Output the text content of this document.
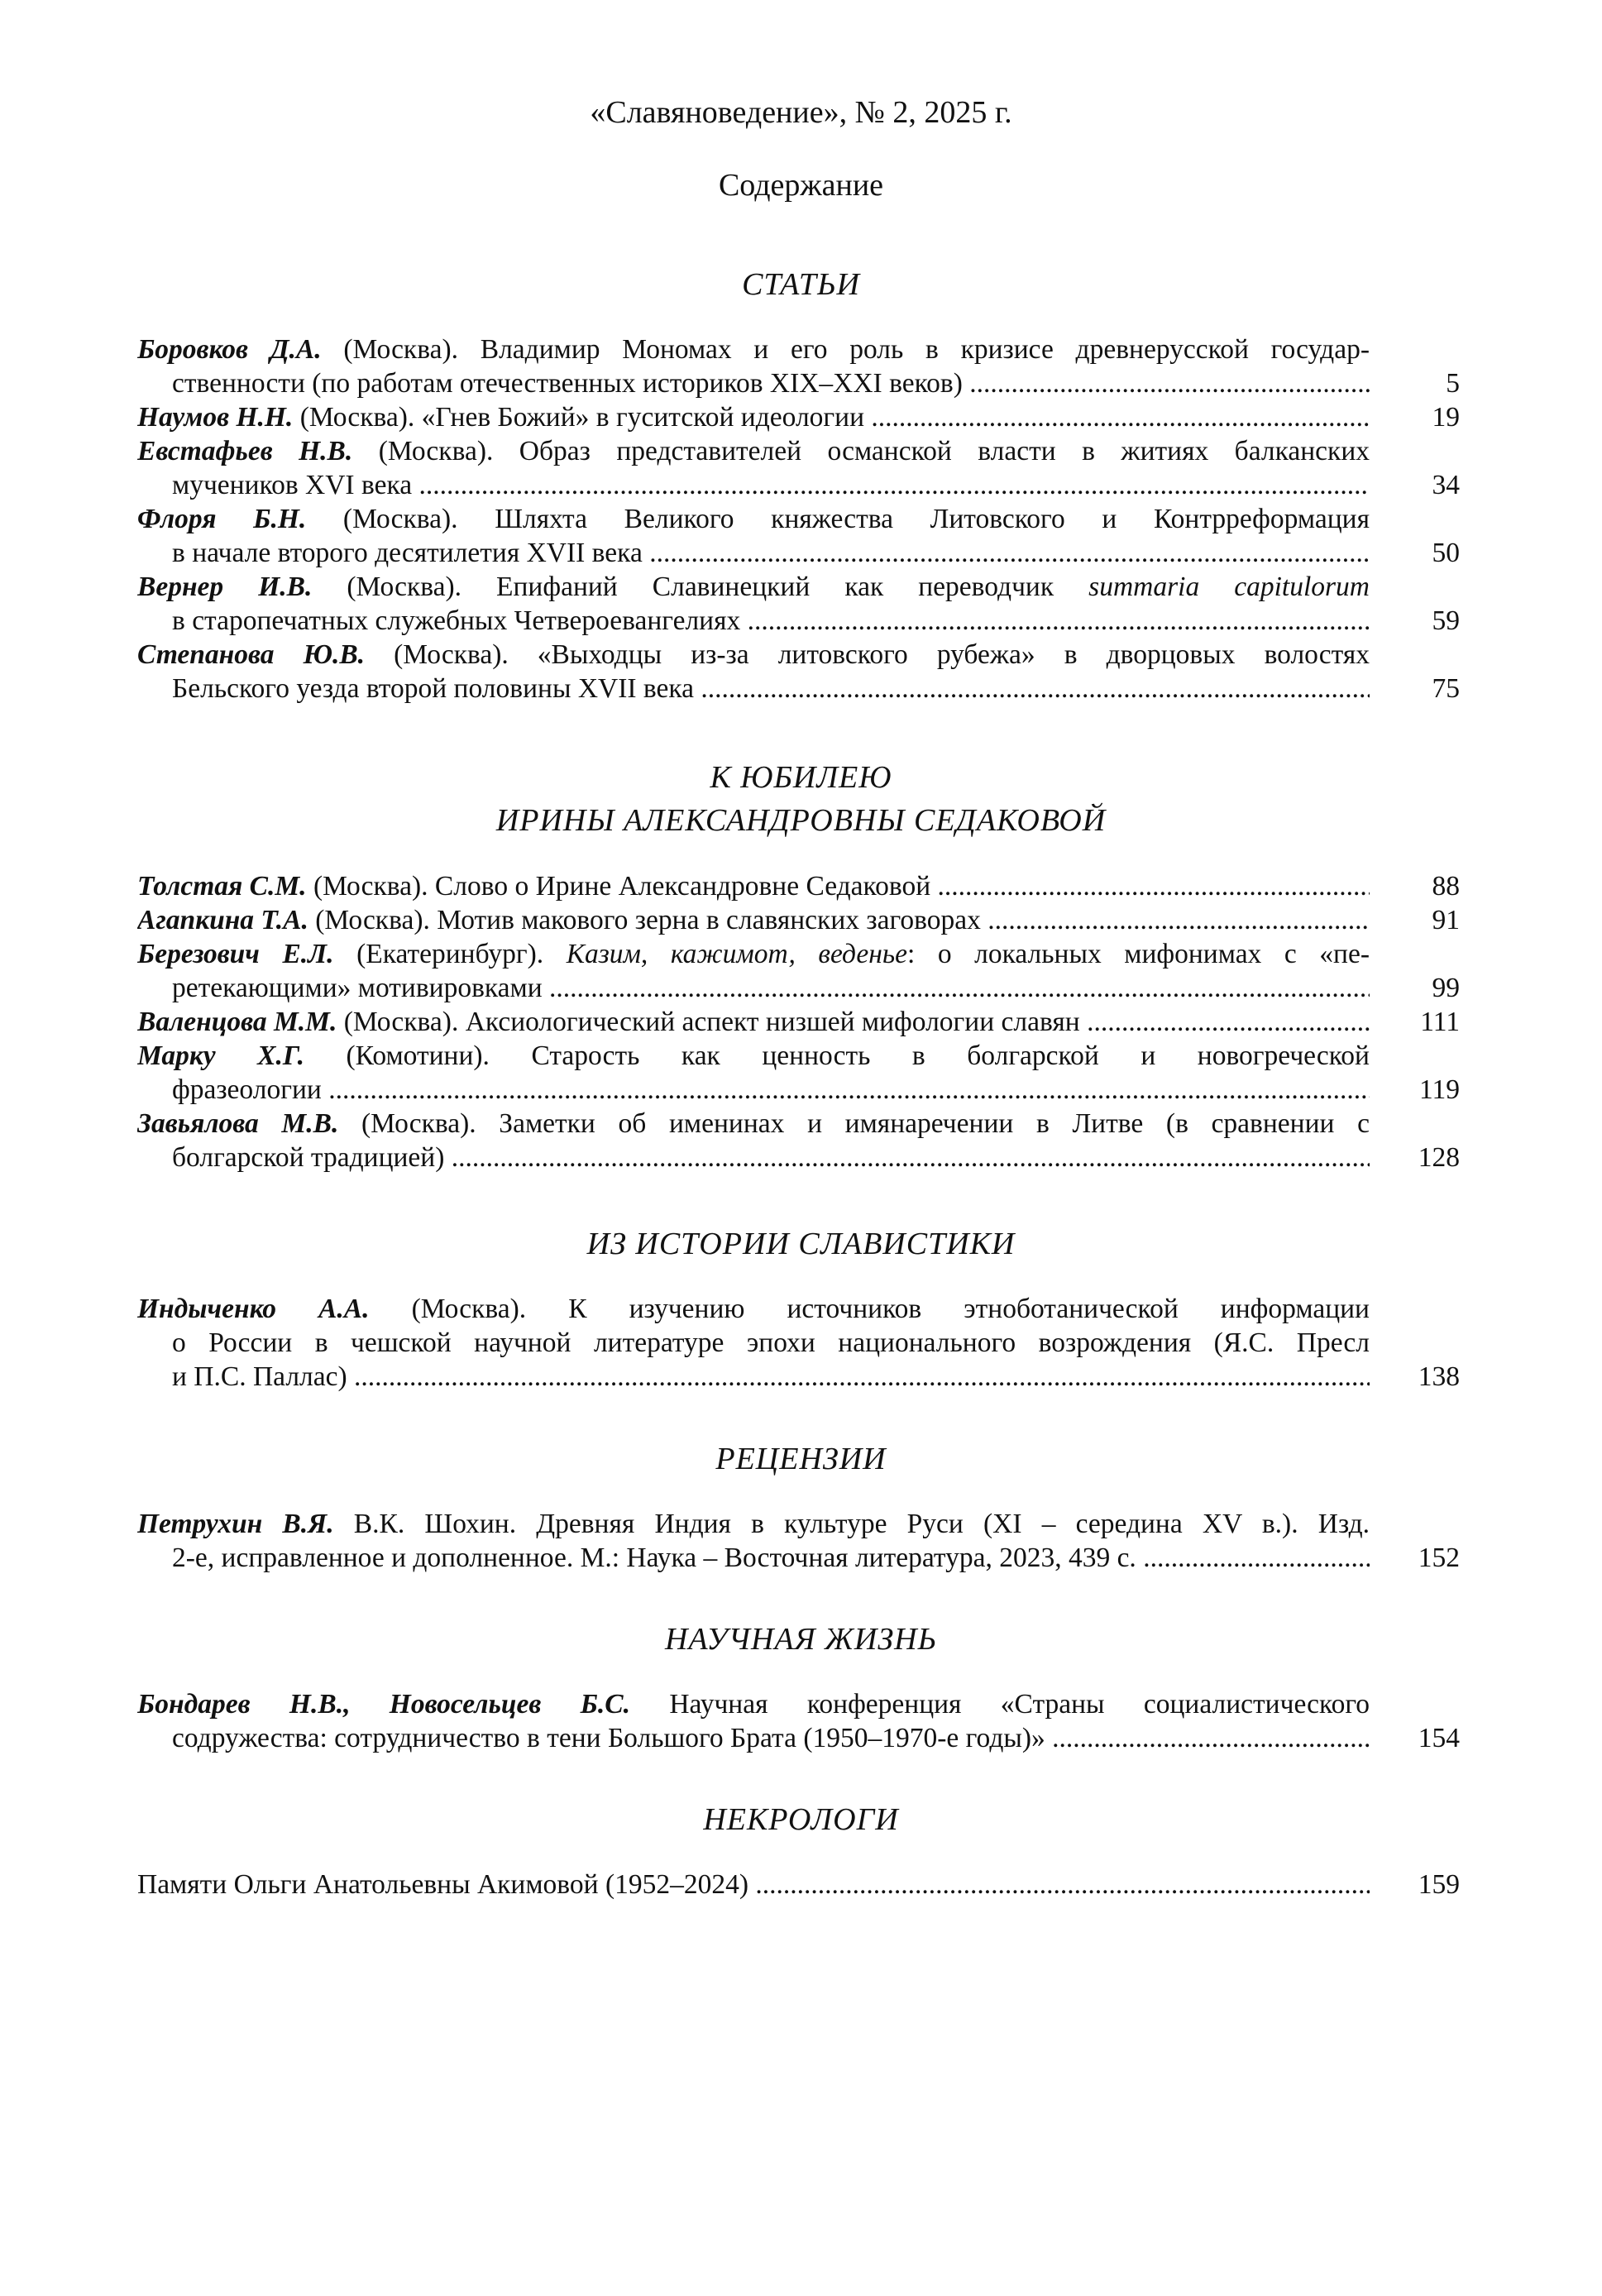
«Славяноведение», № 2, 2025 г.
Содержание
СТАТЬИ
Боровков Д.А. (Москва). Владимир Мономах и его роль в кризисе древнерусской государ-
ственности (по работам отечественных историков XIX–XXI веков) .....	5
Наумов Н.Н. (Москва). «Гнев Божий» в гуситской идеологии .....	19
Евстафьев Н.В. (Москва). Образ представителей османской власти в житиях балканских
мучеников XVI века .....	34
Флоря Б.Н. (Москва). Шляхта Великого княжества Литовского и Контрреформация
в начале второго десятилетия XVII века .....	50
Вернер И.В. (Москва). Епифаний Славинецкий как переводчик summaria capitulorum
в старопечатных служебных Четвероевангелиях .....	59
Степанова Ю.В. (Москва). «Выходцы из-за литовского рубежа» в дворцовых волостях
Бельского уезда второй половины XVII века .....	75
К ЮБИЛЕЮ
ИРИНЫ АЛЕКСАНДРОВНЫ СЕДАКОВОЙ
Толстая С.М. (Москва). Слово о Ирине Александровне Седаковой .....	88
Агапкина Т.А. (Москва). Мотив макового зерна в славянских заговорах .....	91
Березович Е.Л. (Екатеринбург). Казим, кажимот, веденье: о локальных мифонимах с «пе-
ретекающими» мотивировками .....	99
Валенцова М.М. (Москва). Аксиологический аспект низшей мифологии славян .....	111
Марку Х.Г. (Комотини). Старость как ценность в болгарской и новогреческой
фразеологии .....	119
Завьялова М.В. (Москва). Заметки об именинах и имянаречении в Литве (в сравнении с
болгарской традицией) .....	128
ИЗ ИСТОРИИ СЛАВИСТИКИ
Индыченко А.А. (Москва). К изучению источников этноботанической информации
о России в чешской научной литературе эпохи национального возрождения (Я.С. Пресл
и П.С. Паллас) .....	138
РЕЦЕНЗИИ
Петрухин В.Я. В.К. Шохин. Древняя Индия в культуре Руси (XI – середина XV в.). Изд.
2-е, исправленное и дополненное. М.: Наука – Восточная литература, 2023, 439 с. .....	152
НАУЧНАЯ ЖИЗНЬ
Бондарев Н.В., Новосельцев Б.С. Научная конференция «Страны социалистического
содружества: сотрудничество в тени Большого Брата (1950–1970-е годы)» .....	154
НЕКРОЛОГИ
Памяти Ольги Анатольевны Акимовой (1952–2024) .....	159
